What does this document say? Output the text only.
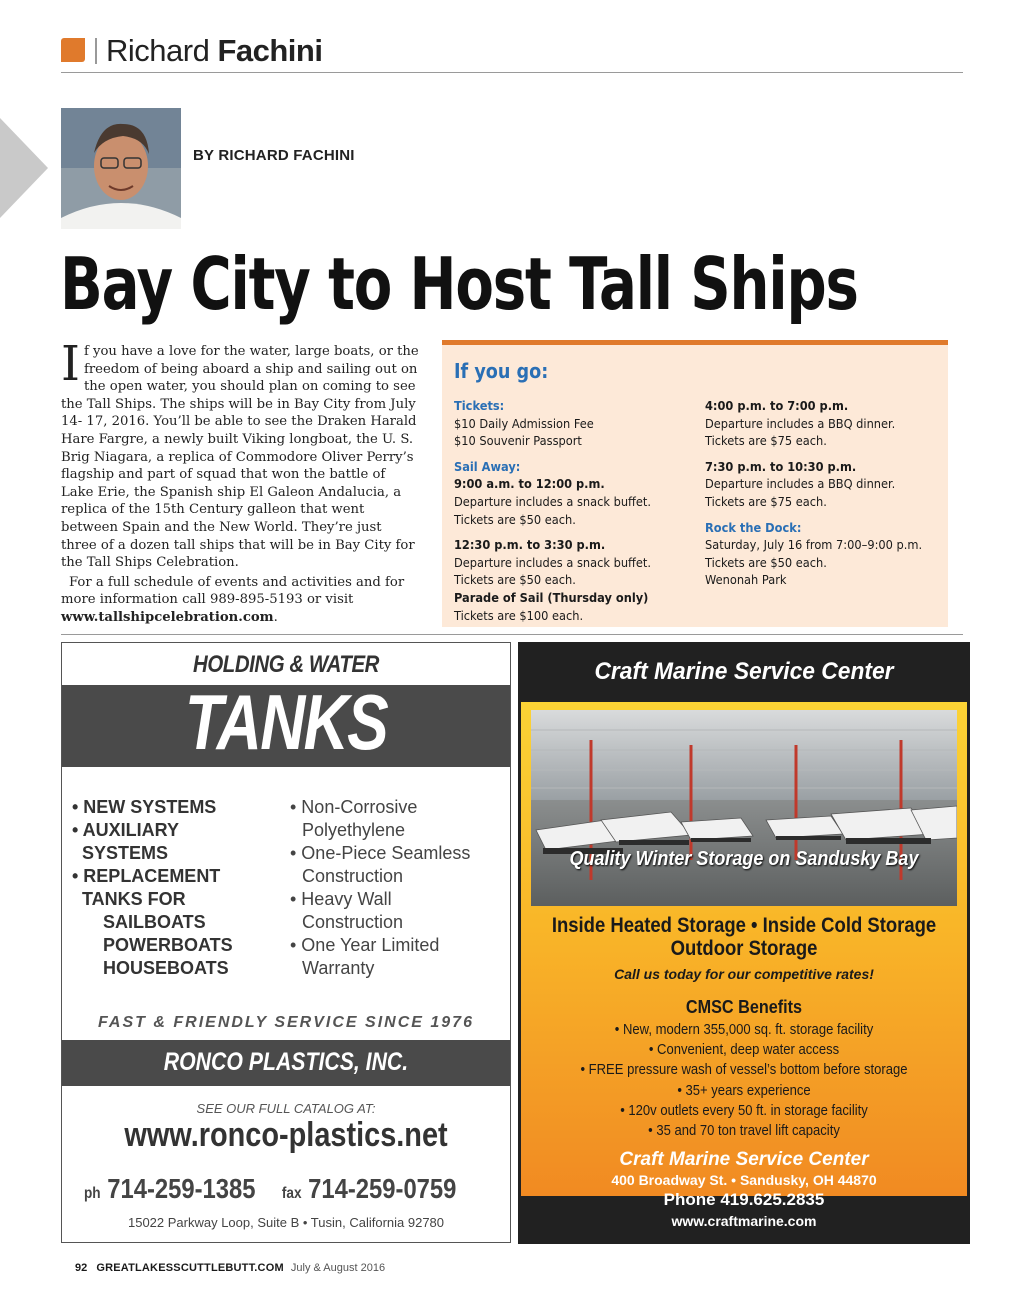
Richard Fachini
BY RICHARD FACHINI
Bay City to Host Tall Ships
I f you have a love for the water, large boats, or the freedom of being aboard a ship and sailing out on the open water, you should plan on coming to see the Tall Ships. The ships will be in Bay City from July 14- 17, 2016. You’ll be able to see the Draken Harald Hare Fargre, a newly built Viking longboat, the U. S. Brig Niagara, a replica of Commodore Oliver Perry’s flagship and part of squad that won the battle of Lake Erie, the Spanish ship El Galeon Andalucia, a replica of the 15th Century galleon that went between Spain and the New World. They’re just three of a dozen tall ships that will be in Bay City for the Tall Ships Celebration.

For a full schedule of events and activities and for more information call 989-895-5193 or visit www.tallshipcelebration.com.

If you go:
Tickets:
$10 Daily Admission Fee
$10 Souvenir Passport
Sail Away:
9:00 a.m. to 12:00 p.m.
Departure includes a snack buffet. Tickets are $50 each.
12:30 p.m. to 3:30 p.m.
Departure includes a snack buffet. Tickets are $50 each.
Parade of Sail (Thursday only)
Tickets are $100 each.
4:00 p.m. to 7:00 p.m.
Departure includes a BBQ dinner. Tickets are $75 each.
7:30 p.m. to 10:30 p.m.
Departure includes a BBQ dinner. Tickets are $75 each.
Rock the Dock:
Saturday, July 16 from 7:00–9:00 p.m.
Tickets are $50 each.
Wenonah Park
HOLDING & WATER
TANKS
• NEW SYSTEMS
• AUXILIARY
SYSTEMS
• REPLACEMENT
TANKS FOR
SAILBOATS
POWERBOATS
HOUSEBOATS
• Non-Corrosive
Polyethylene
• One-Piece Seamless
Construction
• Heavy Wall
Construction
• One Year Limited
Warranty
FAST & FRIENDLY SERVICE SINCE 1976
RONCO PLASTICS, INC.
SEE OUR FULL CATALOG AT:
www.ronco-plastics.net
ph 714-259-1385 fax 714-259-0759
15022 Parkway Loop, Suite B • Tusin, California 92780
Craft Marine Service Center
Quality Winter Storage on Sandusky Bay
Inside Heated Storage • Inside Cold Storage
Outdoor Storage
Call us today for our competitive rates!
CMSC Benefits
• New, modern 355,000 sq. ft. storage facility
• Convenient, deep water access
• FREE pressure wash of vessel’s bottom before storage
• 35+ years experience
• 120v outlets every 50 ft. in storage facility
• 35 and 70 ton travel lift capacity
Craft Marine Service Center
400 Broadway St. • Sandusky, OH 44870
Phone 419.625.2835
www.craftmarine.com
92 GREATLAKESSCUTTLEBUTT.COM July & August 2016
